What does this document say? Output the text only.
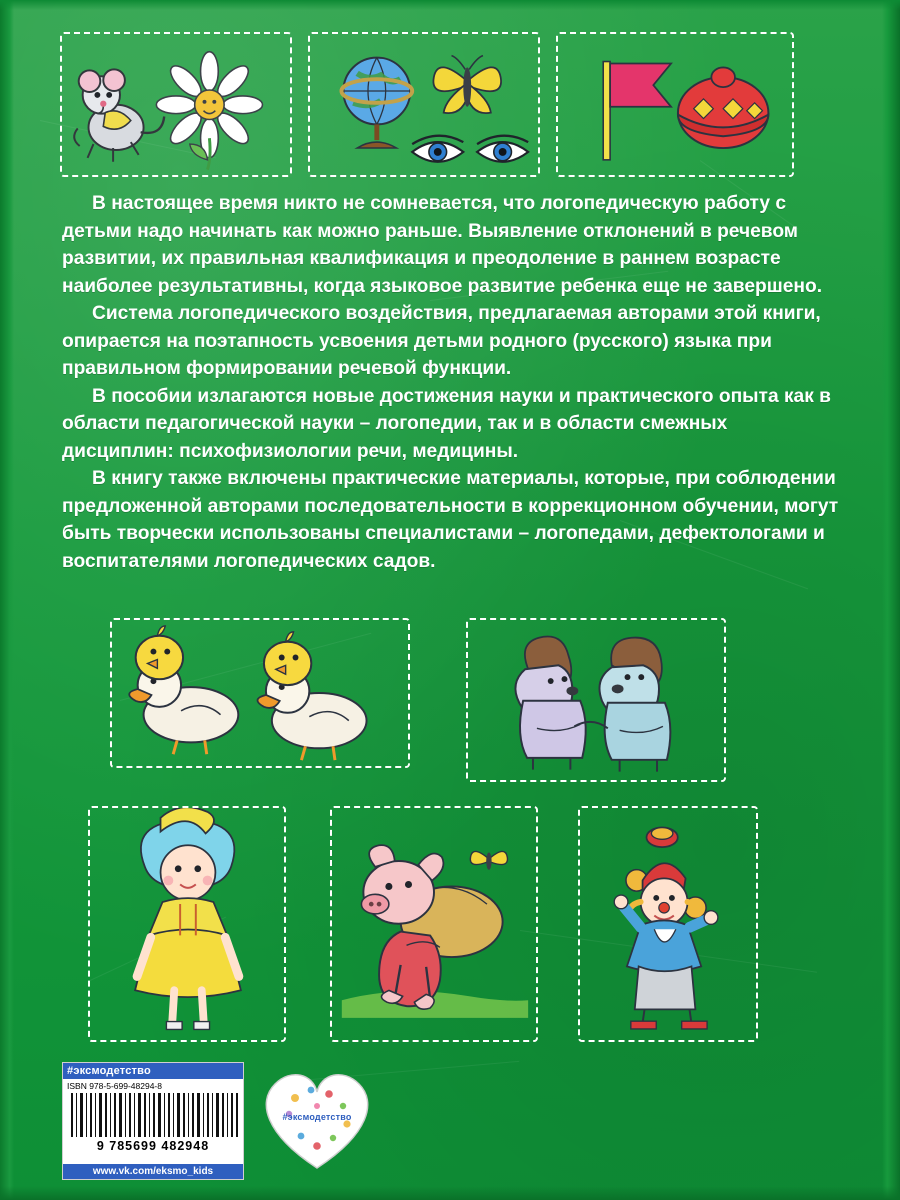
В настоящее время никто не сомневается, что логопедическую работу с детьми надо начинать как можно раньше. Выявление отклонений в речевом развитии, их правильная квалификация и преодоление в раннем возрасте наиболее результативны, когда языковое развитие ребенка еще не завершено.

Система логопедического воздействия, предлагаемая авторами этой книги, опирается на поэтапность усвоения детьми родного (русского) языка при правильном формировании речевой функции.

В пособии излагаются новые достижения науки и практического опыта как в области педагогической науки – логопедии, так и в области смежных дисциплин: психофизиологии речи, медицины.

В книгу также включены практические материалы, которые, при соблюдении предложенной авторами последовательности в коррекционном обучении, могут быть творчески использованы специалистами – логопедами, дефектологами и воспитателями логопедических садов.

#эксмодетство
ISBN 978-5-699-48294-8
9 785699 482948
www.vk.com/eksmo_kids
#эксмодетство
